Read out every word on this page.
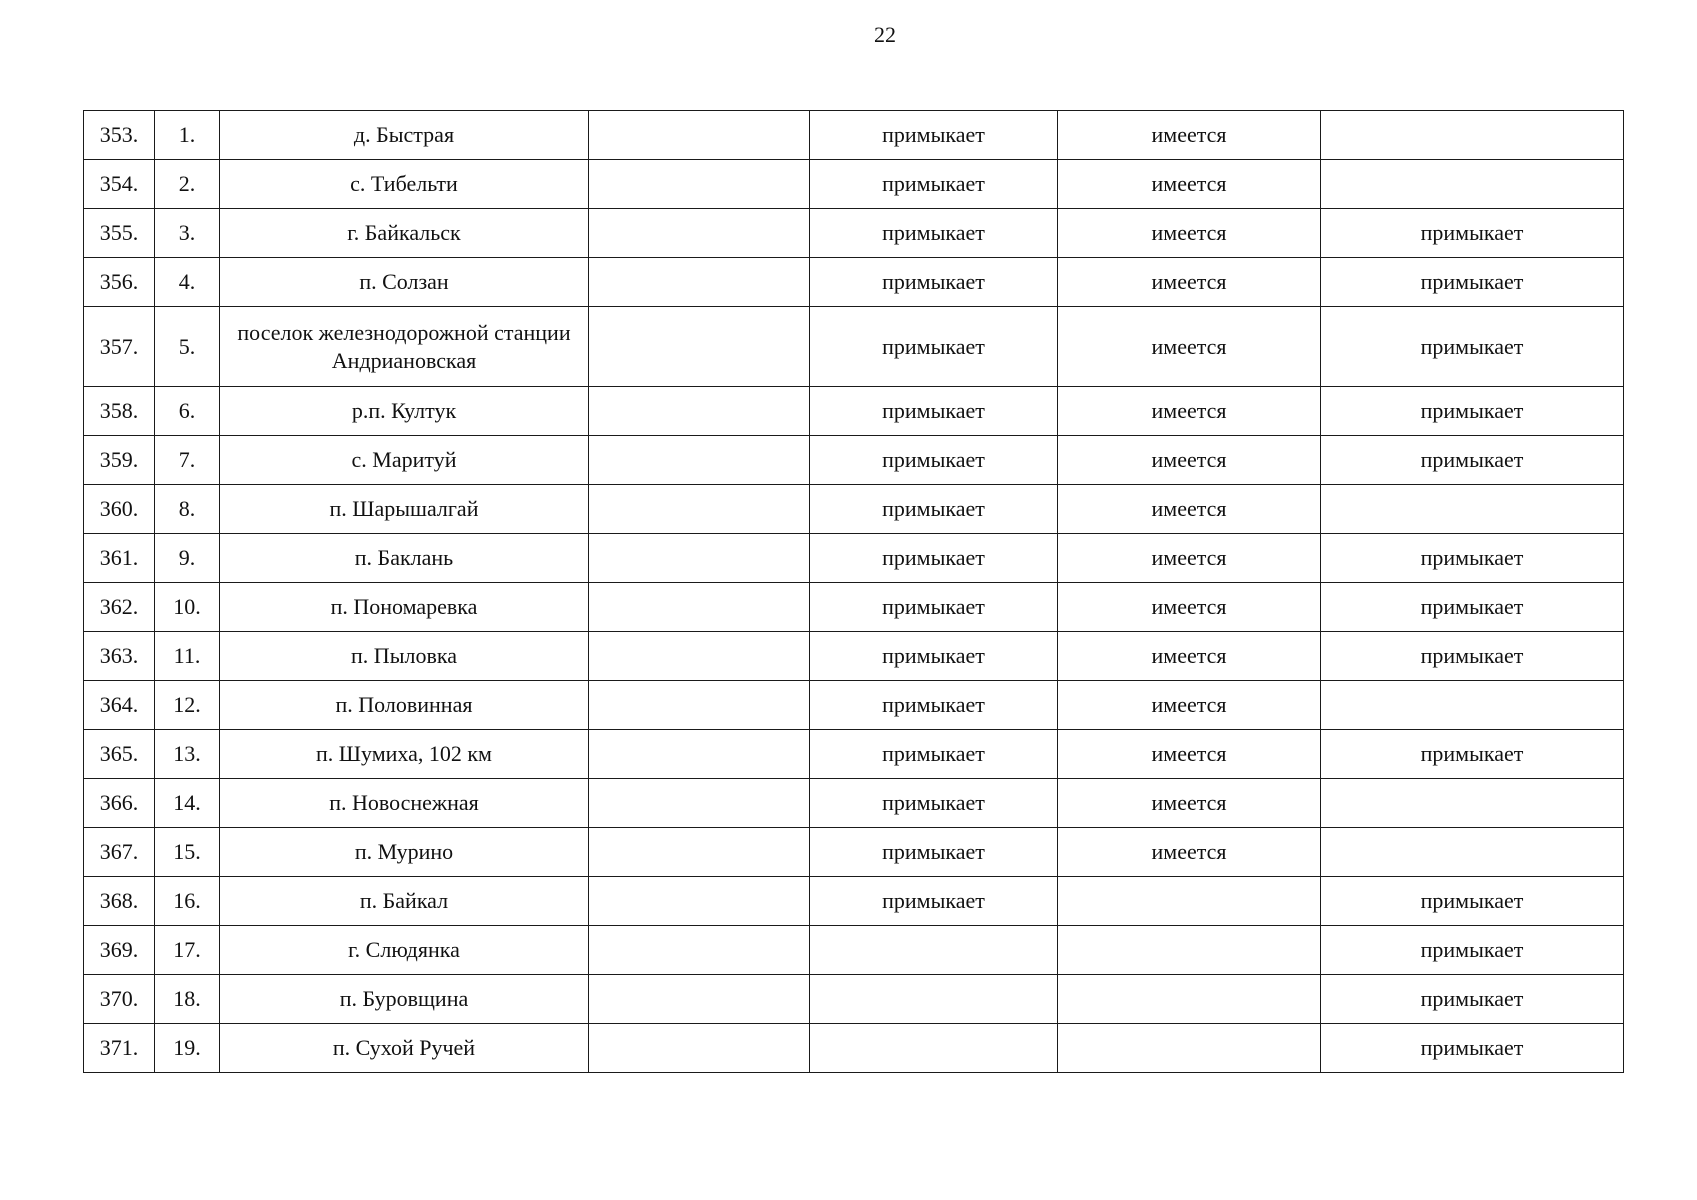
22
353.	1.	д. Быстрая		примыкает	имеется	
354.	2.	с. Тибельти		примыкает	имеется	
355.	3.	г. Байкальск		примыкает	имеется	примыкает
356.	4.	п. Солзан		примыкает	имеется	примыкает
357.	5.	поселок железнодорожной станции Андриановская		примыкает	имеется	примыкает
358.	6.	р.п. Култук		примыкает	имеется	примыкает
359.	7.	с. Маритуй		примыкает	имеется	примыкает
360.	8.	п. Шарышалгай		примыкает	имеется	
361.	9.	п. Баклань		примыкает	имеется	примыкает
362.	10.	п. Пономаревка		примыкает	имеется	примыкает
363.	11.	п. Пыловка		примыкает	имеется	примыкает
364.	12.	п. Половинная		примыкает	имеется	
365.	13.	п. Шумиха, 102 км		примыкает	имеется	примыкает
366.	14.	п. Новоснежная		примыкает	имеется	
367.	15.	п. Мурино		примыкает	имеется	
368.	16.	п. Байкал		примыкает		примыкает
369.	17.	г. Слюдянка				примыкает
370.	18.	п. Буровщина				примыкает
371.	19.	п. Сухой Ручей				примыкает
